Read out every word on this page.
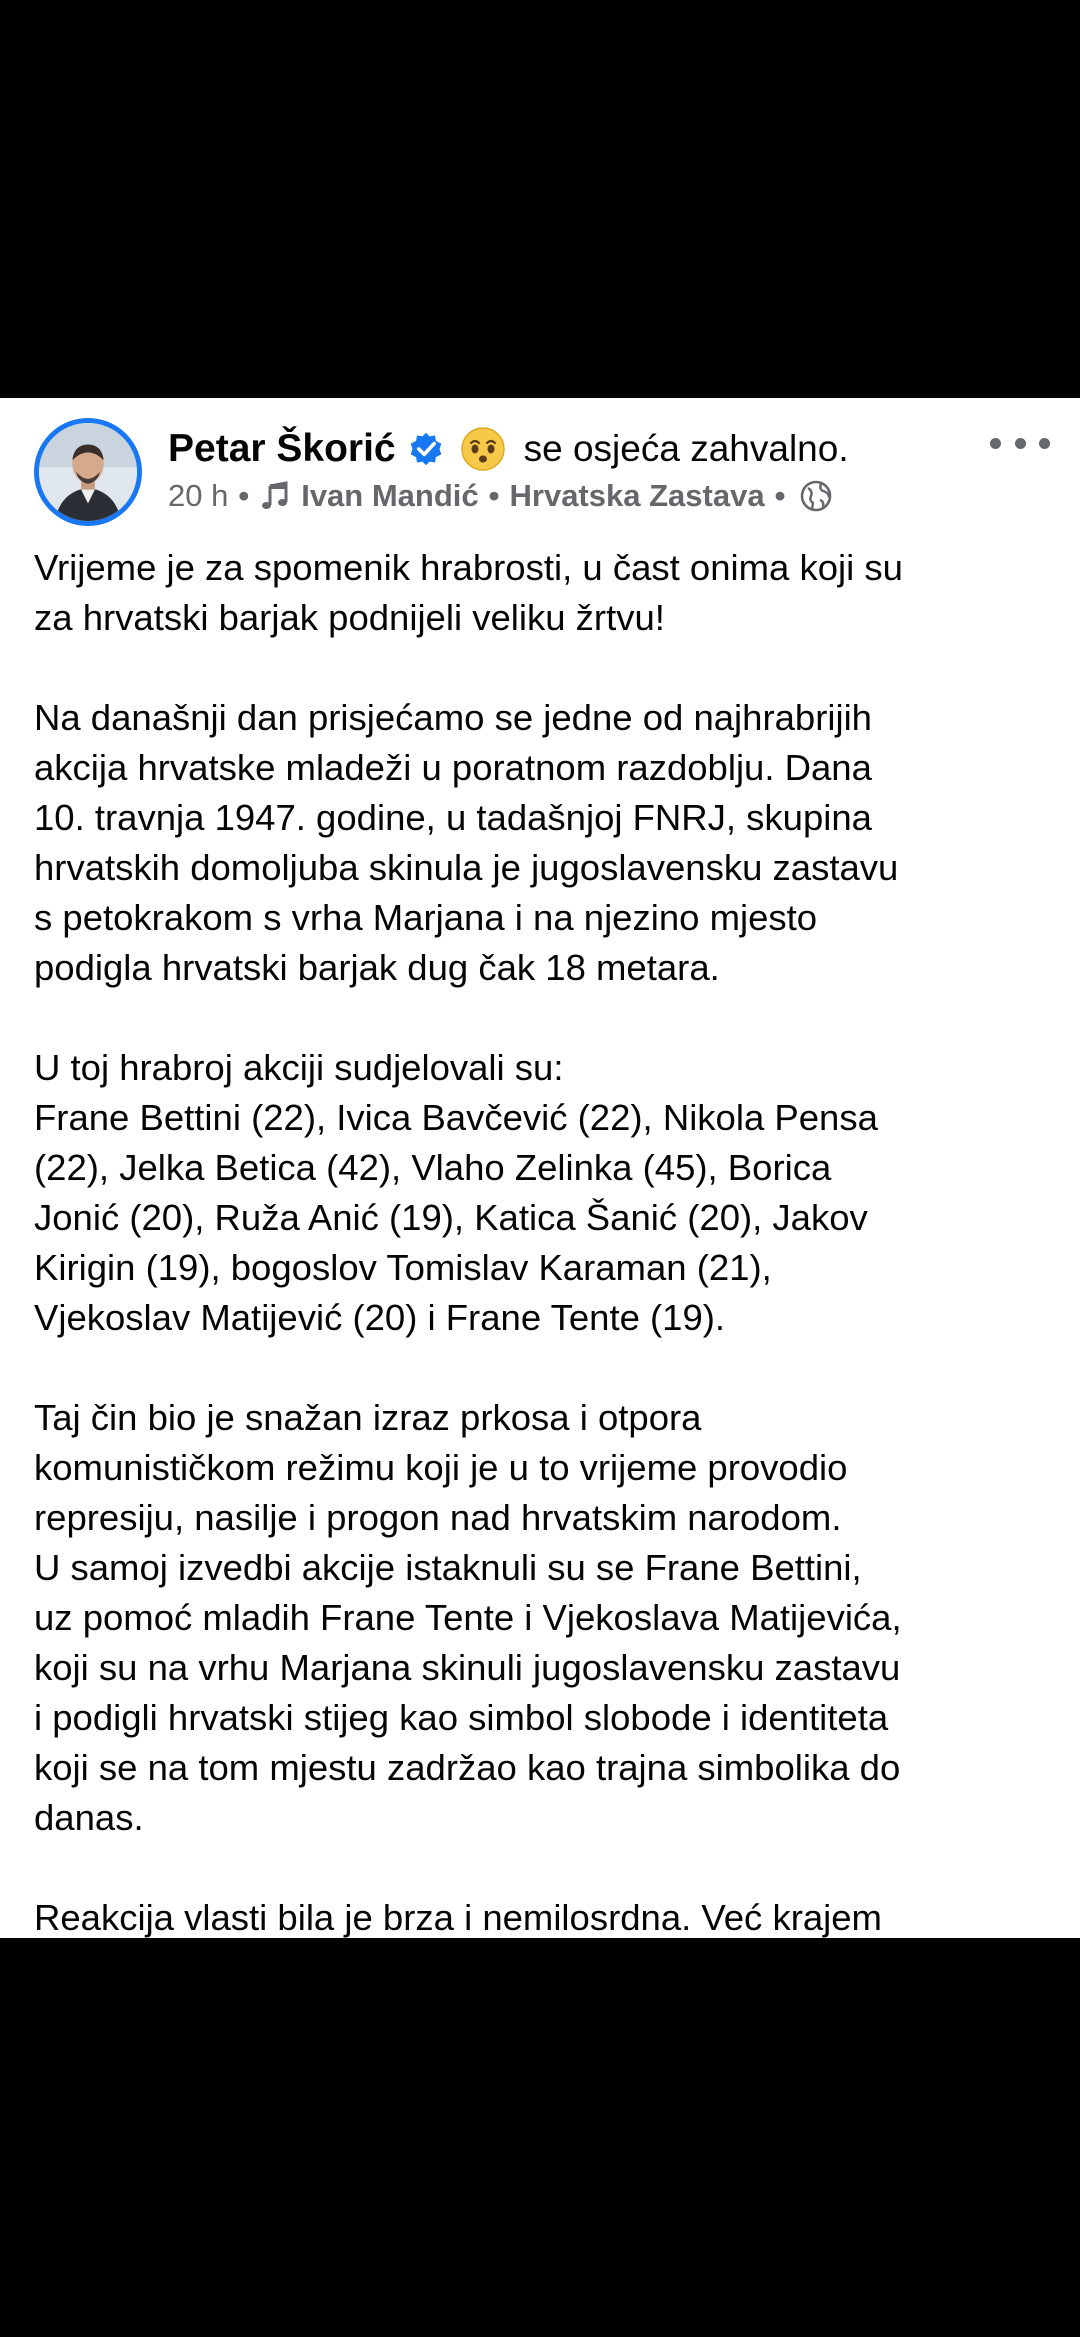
Petar Škorić	se osjeća zahvalno.
20 h • Ivan Mandić • Hrvatska Zastava •

Vrijeme je za spomenik hrabrosti, u čast onima koji su
za hrvatski barjak podnijeli veliku žrtvu!

Na današnji dan prisjećamo se jedne od najhrabrijih
akcija hrvatske mladeži u poratnom razdoblju. Dana
10. travnja 1947. godine, u tadašnjoj FNRJ, skupina
hrvatskih domoljuba skinula je jugoslavensku zastavu
s petokrakom s vrha Marjana i na njezino mjesto
podigla hrvatski barjak dug čak 18 metara.

U toj hrabroj akciji sudjelovali su:
Frane Bettini (22), Ivica Bavčević (22), Nikola Pensa
(22), Jelka Betica (42), Vlaho Zelinka (45), Borica
Jonić (20), Ruža Anić (19), Katica Šanić (20), Jakov
Kirigin (19), bogoslov Tomislav Karaman (21),
Vjekoslav Matijević (20) i Frane Tente (19).

Taj čin bio je snažan izraz prkosa i otpora
komunističkom režimu koji je u to vrijeme provodio
represiju, nasilje i progon nad hrvatskim narodom.
U samoj izvedbi akcije istaknuli su se Frane Bettini,
uz pomoć mladih Frane Tente i Vjekoslava Matijevića,
koji su na vrhu Marjana skinuli jugoslavensku zastavu
i podigli hrvatski stijeg kao simbol slobode i identiteta
koji se na tom mjestu zadržao kao trajna simbolika do
danas.

Reakcija vlasti bila je brza i nemilosrdna. Već krajem
